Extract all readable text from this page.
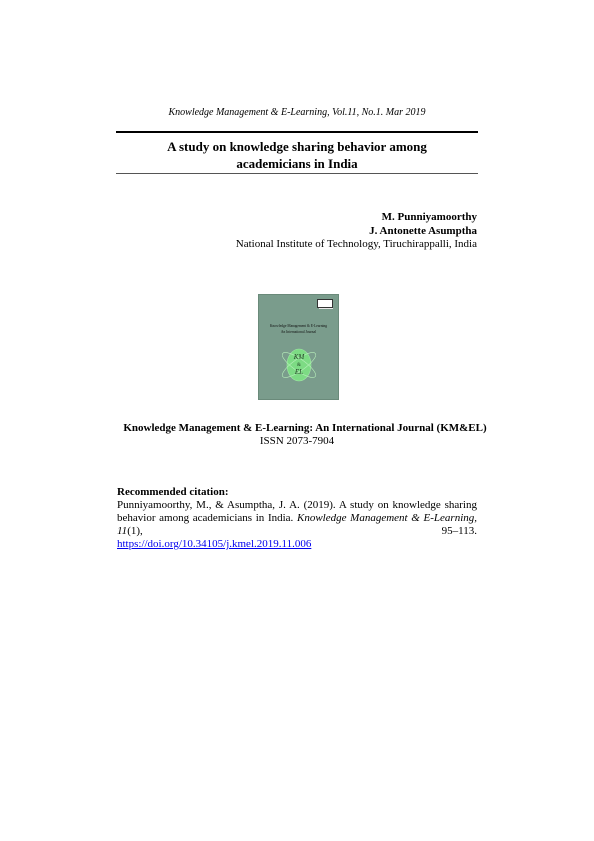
Knowledge Management & E-Learning, Vol.11, No.1. Mar 2019
A study on knowledge sharing behavior among
academicians in India
M. Punniyamoorthy
J. Antonette Asumptha
National Institute of Technology, Tiruchirappalli, India
Knowledge Management & E-Learning
An International Journal
KM
&
EL
Knowledge Management & E-Learning: An International Journal (KM&EL)
ISSN 2073-7904
Recommended citation:
Punniyamoorthy, M., & Asumptha, J. A. (2019). A study on knowledge sharing behavior among academicians in India. Knowledge Management & E-Learning, 11(1), 95–113.
https://doi.org/10.34105/j.kmel.2019.11.006
